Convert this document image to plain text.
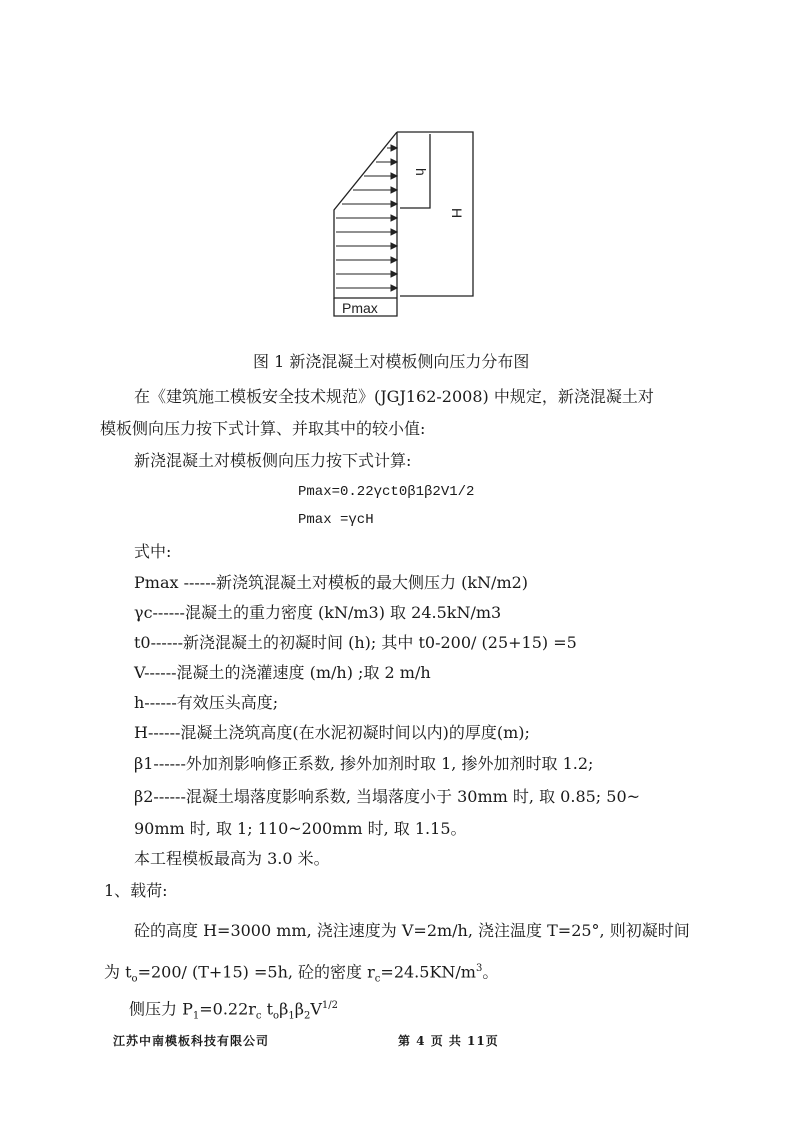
h
H
Pmax
图 1 新浇混凝土对模板侧向压力分布图
在《建筑施工模板安全技术规范》(JGJ162-2008) 中规定，新浇混凝土对
模板侧向压力按下式计算、并取其中的较小值:
新浇混凝土对模板侧向压力按下式计算:
Pmax=0.22γct0β1β2V1/2
Pmax =γcH
式中:
Pmax ------新浇筑混凝土对模板的最大侧压力 (kN/m2)
γc------混凝土的重力密度 (kN/m3) 取 24.5kN/m3
t0------新浇混凝土的初凝时间 (h); 其中 t0-200/ (25+15) =5
V------混凝土的浇灌速度 (m/h) ;取 2 m/h
h------有效压头高度;
H------混凝土浇筑高度(在水泥初凝时间以内)的厚度(m);
β1------外加剂影响修正系数, 掺外加剂时取 1, 掺外加剂时取 1.2;
β2------混凝土塌落度影响系数, 当塌落度小于 30mm 时, 取 0.85; 50~
90mm 时, 取 1; 110~200mm 时, 取 1.15。
本工程模板最高为 3.0 米。
1、载荷:
砼的高度 H=3000 mm, 浇注速度为 V=2m/h, 浇注温度 T=25°, 则初凝时间
为 $t_o=200/$ (T+15) =5h, 砼的密度 $r_c=24.5KN/m^3$。
侧压力 $P_1=0.22r_c$ $t_o\beta_1\beta_2V^{1/2}$
江苏中南模板科技有限公司	第 4 页 共 11页
